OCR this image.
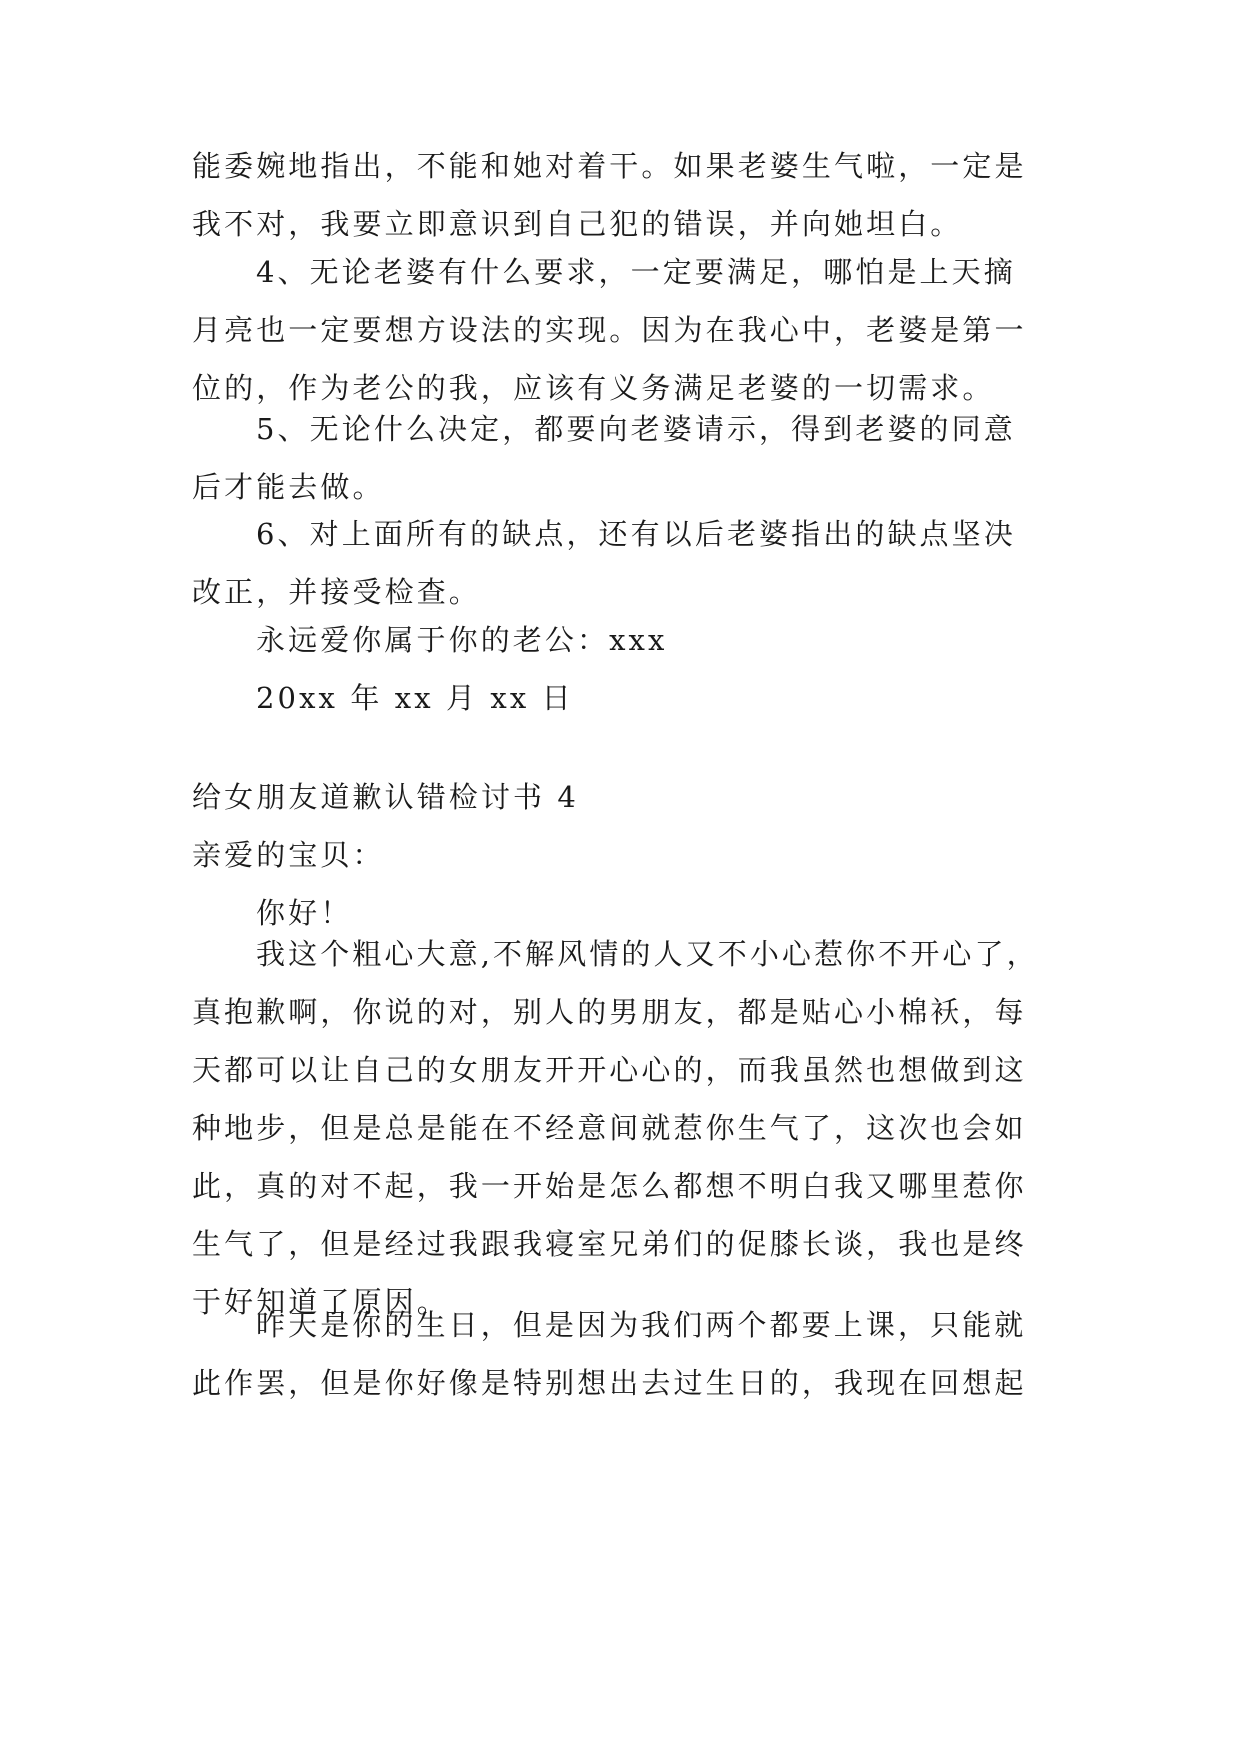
能委婉地指出，不能和她对着干。如果老婆生气啦，一定是
我不对，我要立即意识到自己犯的错误，并向她坦白。
4、无论老婆有什么要求，一定要满足，哪怕是上天摘
月亮也一定要想方设法的实现。因为在我心中，老婆是第一
位的，作为老公的我，应该有义务满足老婆的一切需求。
5、无论什么决定，都要向老婆请示，得到老婆的同意
后才能去做。
6、对上面所有的缺点，还有以后老婆指出的缺点坚决
改正，并接受检查。
永远爱你属于你的老公：xxx
20xx 年 xx 月 xx 日
给女朋友道歉认错检讨书 4
亲爱的宝贝：
你好！
我这个粗心大意,不解风情的人又不小心惹你不开心了，
真抱歉啊，你说的对，别人的男朋友，都是贴心小棉袄，每
天都可以让自己的女朋友开开心心的，而我虽然也想做到这
种地步，但是总是能在不经意间就惹你生气了，这次也会如
此，真的对不起，我一开始是怎么都想不明白我又哪里惹你
生气了，但是经过我跟我寝室兄弟们的促膝长谈，我也是终
于好知道了原因。
昨天是你的生日，但是因为我们两个都要上课，只能就
此作罢，但是你好像是特别想出去过生日的，我现在回想起
